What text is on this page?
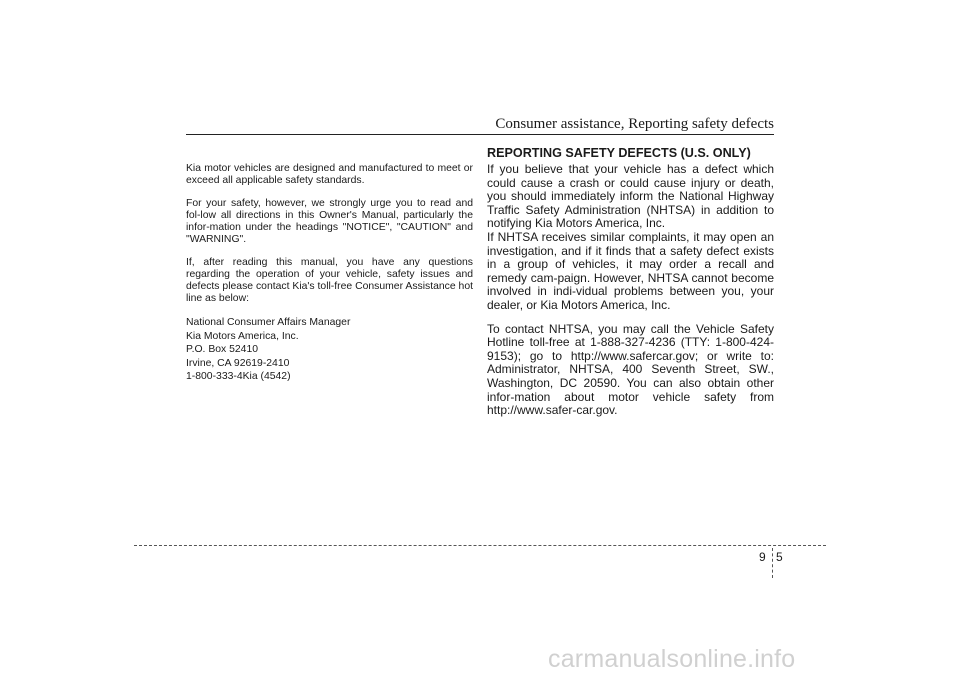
Consumer assistance, Reporting safety defects

Kia motor vehicles are designed and manufactured to meet or exceed all applicable safety standards.

For your safety, however, we strongly urge you to read and fol-low all directions in this Owner's Manual, particularly the infor-mation under the headings "NOTICE", "CAUTION" and "WARNING".

If, after reading this manual, you have any questions regarding the operation of your vehicle, safety issues and defects please contact Kia's toll-free Consumer Assistance hot line as below:

National Consumer Affairs Manager
Kia Motors America, Inc.
P.O. Box 52410
Irvine, CA 92619-2410
1-800-333-4Kia (4542)
REPORTING SAFETY DEFECTS (U.S. ONLY)

If you believe that your vehicle has a defect which could cause a crash or could cause injury or death, you should immediately inform the National Highway Traffic Safety Administration (NHTSA) in addition to notifying Kia Motors America, Inc.

If NHTSA receives similar complaints, it may open an investigation, and if it finds that a safety defect exists in a group of vehicles, it may order a recall and remedy cam-paign. However, NHTSA cannot become involved in indi-vidual problems between you, your dealer, or Kia Motors America, Inc.

To contact NHTSA, you may call the Vehicle Safety Hotline toll-free at 1-888-327-4236 (TTY: 1-800-424-9153); go to http://www.safercar.gov; or write to: Administrator, NHTSA, 400 Seventh Street, SW., Washington, DC 20590. You can also obtain other infor-mation about motor vehicle safety from http://www.safer-car.gov.

9 5
carmanualsonline.info
